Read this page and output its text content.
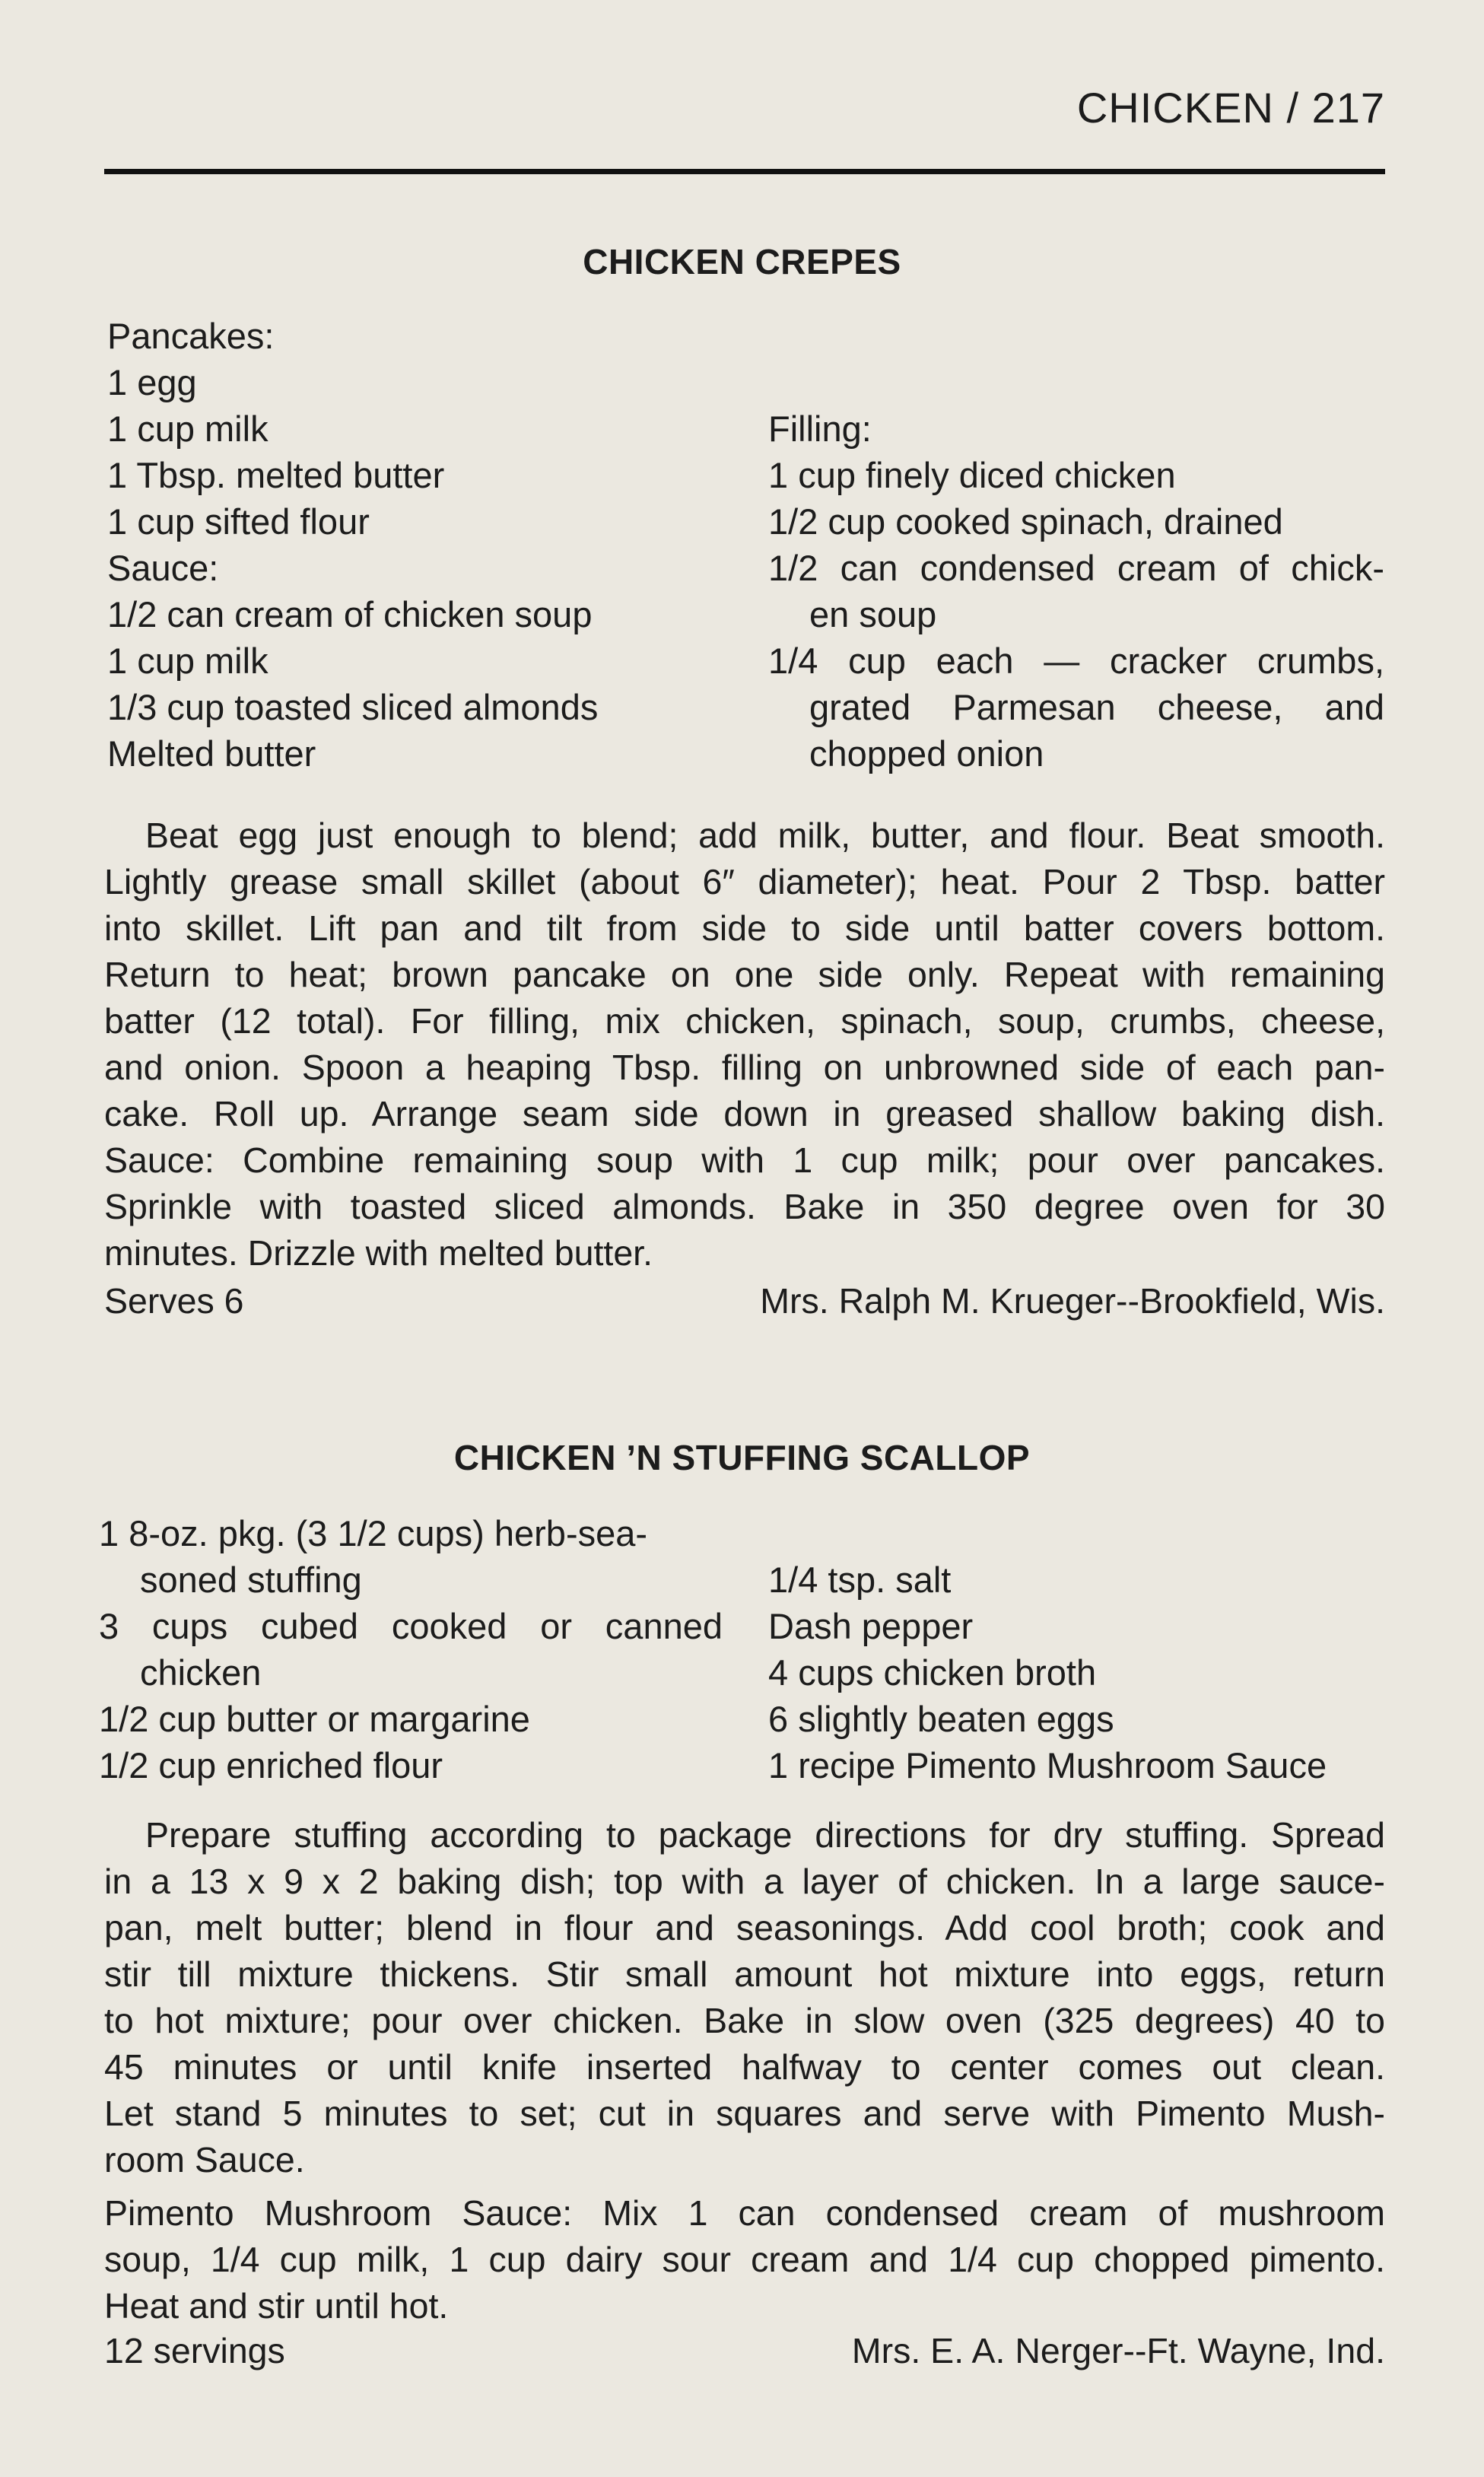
CHICKEN / 217
CHICKEN CREPES
Pancakes:
1 egg
1 cup milk
1 Tbsp. melted butter
1 cup sifted flour
Sauce:
1/2 can cream of chicken soup
1 cup milk
1/3 cup toasted sliced almonds
Melted butter
Filling:
1 cup finely diced chicken
1/2 cup cooked spinach, drained
1/2 can condensed cream of chick-
en soup
1/4 cup each — cracker crumbs,
grated Parmesan cheese, and
chopped onion
Beat egg just enough to blend; add milk, butter, and flour. Beat smooth.
Lightly grease small skillet (about 6″ diameter); heat. Pour 2 Tbsp. batter
into skillet. Lift pan and tilt from side to side until batter covers bottom.
Return to heat; brown pancake on one side only. Repeat with remaining
batter (12 total). For filling, mix chicken, spinach, soup, crumbs, cheese,
and onion. Spoon a heaping Tbsp. filling on unbrowned side of each pan-
cake. Roll up. Arrange seam side down in greased shallow baking dish.
Sauce: Combine remaining soup with 1 cup milk; pour over pancakes.
Sprinkle with toasted sliced almonds. Bake in 350 degree oven for 30
minutes. Drizzle with melted butter.
Serves 6	Mrs. Ralph M. Krueger--Brookfield, Wis.
CHICKEN ’N STUFFING SCALLOP
1 8-oz. pkg. (3 1/2 cups) herb-sea-
soned stuffing
3 cups cubed cooked or canned
chicken
1/2 cup butter or margarine
1/2 cup enriched flour
1/4 tsp. salt
Dash pepper
4 cups chicken broth
6 slightly beaten eggs
1 recipe Pimento Mushroom Sauce
Prepare stuffing according to package directions for dry stuffing. Spread
in a 13 x 9 x 2 baking dish; top with a layer of chicken. In a large sauce-
pan, melt butter; blend in flour and seasonings. Add cool broth; cook and
stir till mixture thickens. Stir small amount hot mixture into eggs, return
to hot mixture; pour over chicken. Bake in slow oven (325 degrees) 40 to
45 minutes or until knife inserted halfway to center comes out clean.
Let stand 5 minutes to set; cut in squares and serve with Pimento Mush-
room Sauce.
Pimento Mushroom Sauce: Mix 1 can condensed cream of mushroom
soup, 1/4 cup milk, 1 cup dairy sour cream and 1/4 cup chopped pimento.
Heat and stir until hot.
12 servings	Mrs. E. A. Nerger--Ft. Wayne, Ind.
